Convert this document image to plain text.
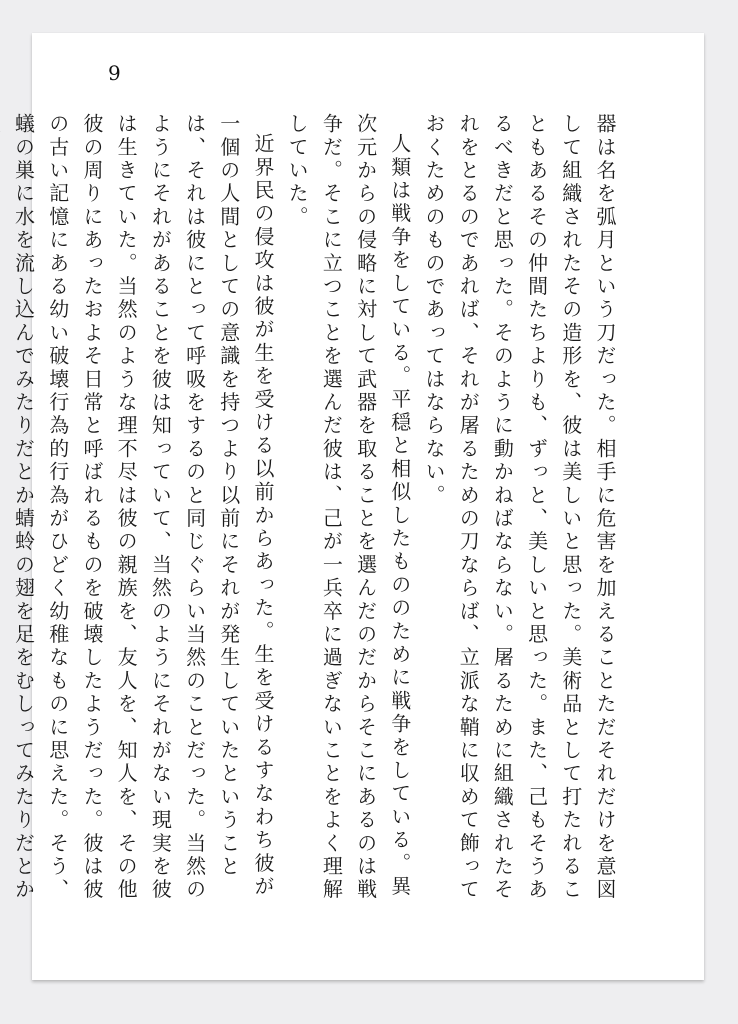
9

器は名を弧月という刀だった。相手に危害を加えることただそれだけを意図して組織されたその造形を、彼は美しいと思った。美術品として打たれることもあるその仲間たちよりも、ずっと、美しいと思った。また、己もそうあるべきだと思った。そのように動かねばならない。屠るために組織されたそれをとるのであれば、それが屠るための刀ならば、立派な鞘に収めて飾っておくためのものであってはならない。

人類は戦争をしている。平穏と相似したもののために戦争をしている。異次元からの侵略に対して武器を取ることを選んだのだからそこにあるのは戦争だ。そこに立つことを選んだ彼は、己が一兵卒に過ぎないことをよく理解していた。

近界民の侵攻は彼が生を受ける以前からあった。生を受けるすなわち彼が一個の人間としての意識を持つより以前にそれが発生していたということは、それは彼にとって呼吸をするのと同じぐらい当然のことだった。当然のようにそれがあることを彼は知っていて、当然のようにそれがない現実を彼は生きていた。当然のような理不尽は彼の親族を、友人を、知人を、その他彼の周りにあったおよそ日常と呼ばれるものを破壊したようだった。彼は彼の古い記憶にある幼い破壊行為的行為がひどく幼稚なものに思えた。そう、蟻の巣に水を流し込んでみたりだとか蜻蛉の翅を足をむしってみたりだとか
